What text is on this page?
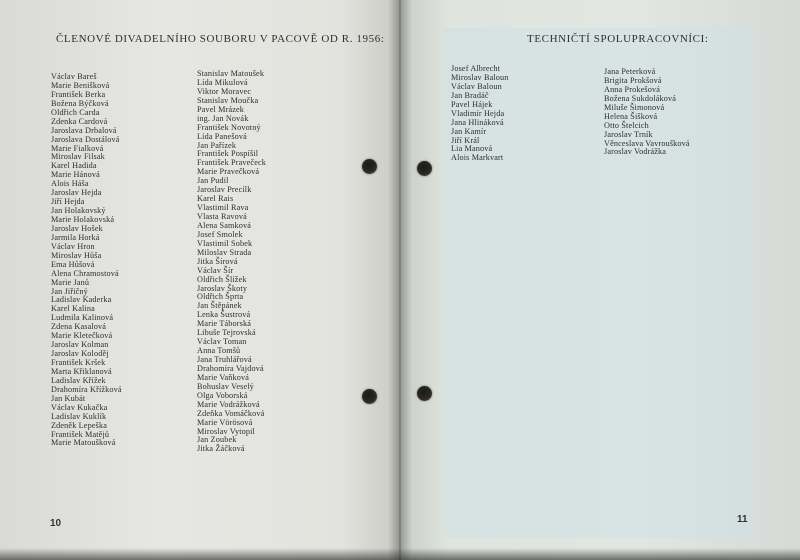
ČLENOVÉ DIVADELNÍHO SOUBORU V PACOVĚ OD R. 1956:
Václav Bareš
Marie Benišková
František Berka
Božena Býčková
Oldřich Carda
Zdenka Cardová
Jaroslava Drbalová
Jaroslava Dostálová
Marie Fialková
Miroslav Filsak
Karel Hadida
Marie Hánová
Alois Háša
Jaroslav Hejda
Jiří Hejda
Jan Holakovský
Marie Holakovská
Jaroslav Hošek
Jarmila Horká
Václav Hron
Miroslav Hůša
Ema Hůšová
Alena Chramostová
Marie Janů
Jan Jiřičný
Ladislav Kaderka
Karel Kalina
Ludmila Kalinová
Zdena Kasalová
Marie Kletečková
Jaroslav Kolman
Jaroslav Koloděj
František Kršek
Marta Křiklanová
Ladislav Křížek
Drahomíra Křížková
Jan Kubát
Václav Kukačka
Ladislav Kuklík
Zdeněk Lepeška
František Matějů
Marie Matoušková
Stanislav Matoušek
Lída Mikulová
Viktor Moravec
Stanislav Moučka
Pavel Mrázek
ing. Jan Novák
František Novotný
Lída Panešová
Jan Pařízek
František Pospíšil
František Pravečeck
Marie Pravečková
Jan Pudil
Jaroslav Precílk
Karel Rais
Vlastimil Rava
Vlasta Ravová
Alena Samková
Josef Smolek
Vlastimil Sobek
Miloslav Strada
Jitka Šírová
Václav Šír
Oldřich Šlížek
Jaroslav Škoty
Oldřich Šprta
Jan Štěpánek
Lenka Šustrová
Marie Táborská
Libuše Tejrovská
Václav Toman
Anna Tomšů
Jana Truhlářová
Drahomíra Vajdová
Marie Vaňková
Bohuslav Veselý
Olga Voborská
Marie Vodrážková
Zdeňka Vomáčková
Marie Vörösová
Miroslav Vytopil
Jan Zoubek
Jitka Žáčková
TECHNIČTÍ SPOLUPRACOVNÍCI:
Josef Albrecht
Miroslav Baloun
Václav Baloun
Jan Bradáč
Pavel Hájek
Vladimír Hejda
Jana Hlináková
Jan Kamír
Jiří Král
Lia Manová
Alois Markvart
Jana Peterková
Brigita Prokšová
Anna Prokešová
Božena Sukdoláková
Miluše Šimonová
Helena Šišková
Otto Štelcich
Jaroslav Trník
Věnceslava Vavroušková
Jaroslav Vodrážka
10	11
